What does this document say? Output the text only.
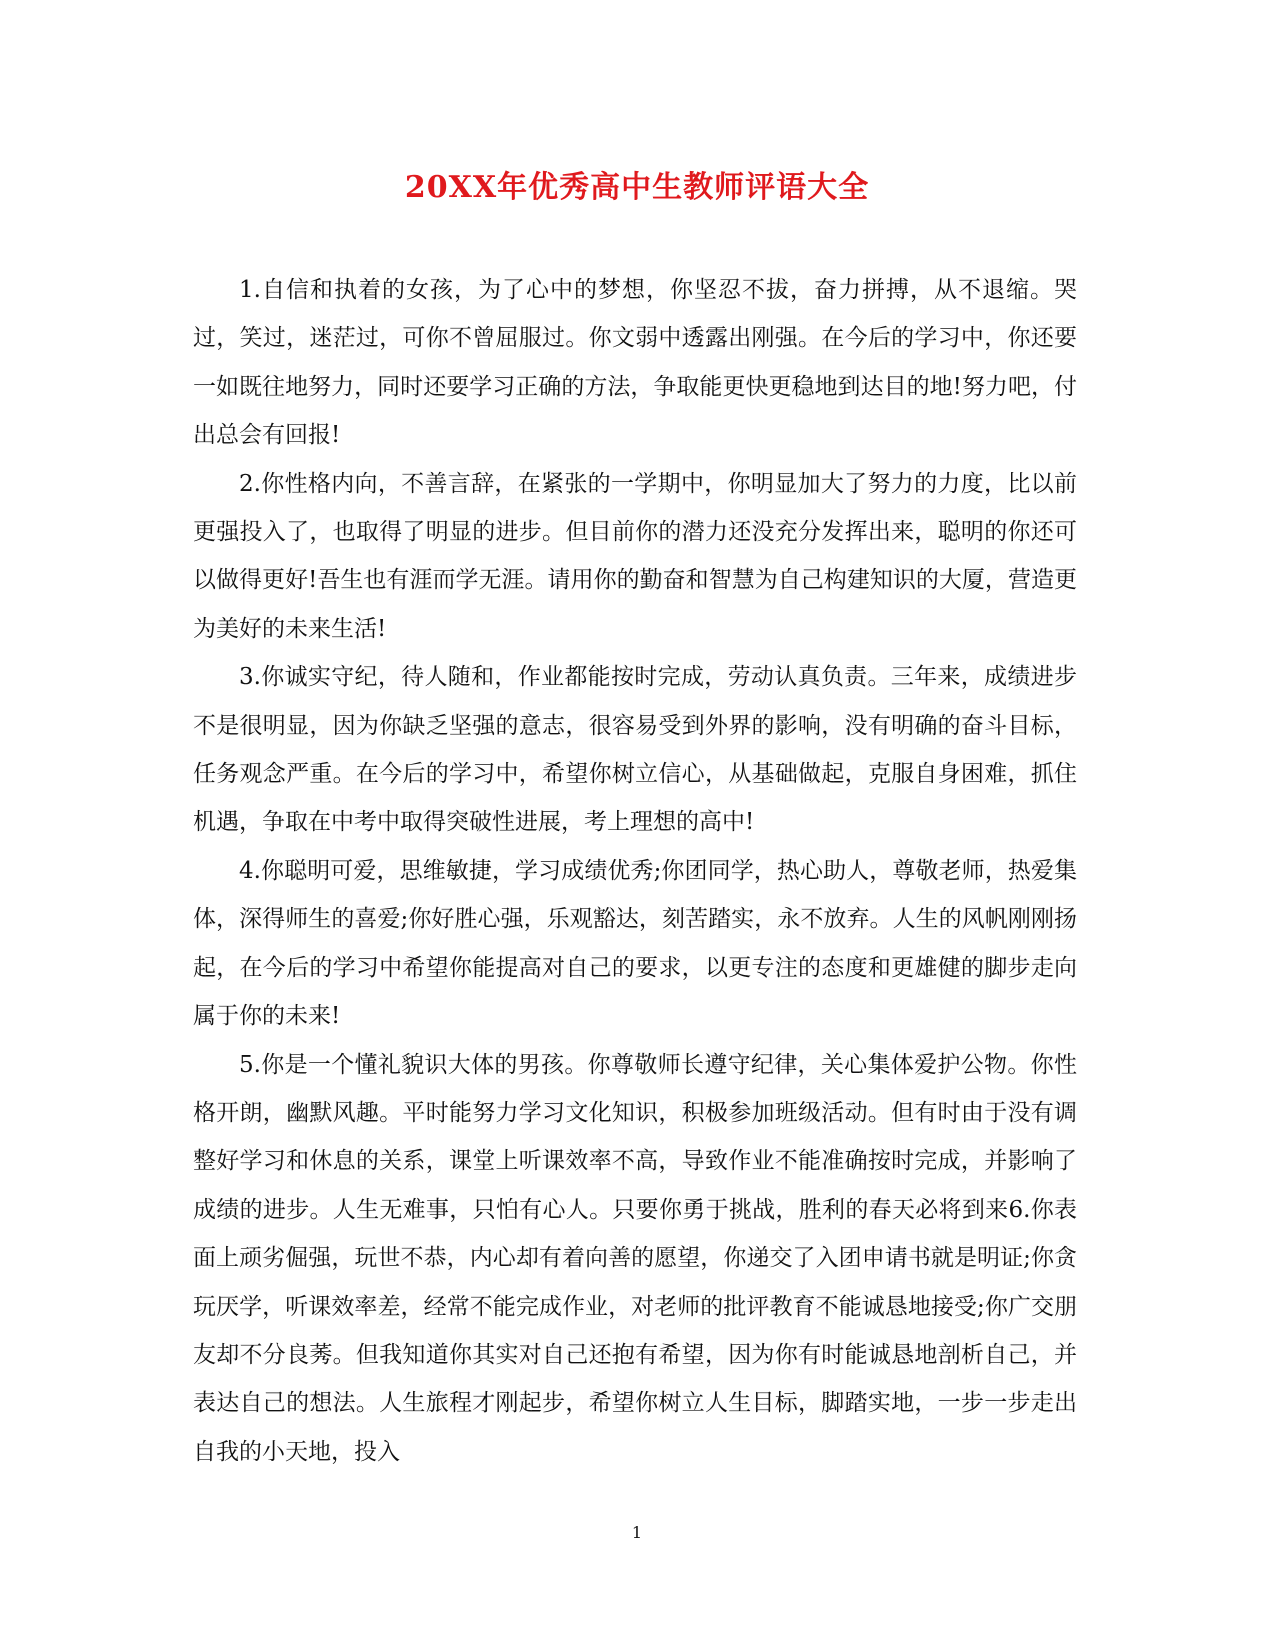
20XX年优秀高中生教师评语大全

1.自信和执着的女孩，为了心中的梦想，你坚忍不拔，奋力拼搏，从不退缩。哭过，笑过，迷茫过，可你不曾屈服过。你文弱中透露出刚强。在今后的学习中，你还要一如既往地努力，同时还要学习正确的方法，争取能更快更稳地到达目的地!努力吧，付出总会有回报!

2.你性格内向，不善言辞，在紧张的一学期中，你明显加大了努力的力度，比以前更强投入了，也取得了明显的进步。但目前你的潜力还没充分发挥出来，聪明的你还可以做得更好!吾生也有涯而学无涯。请用你的勤奋和智慧为自己构建知识的大厦，营造更为美好的未来生活!

3.你诚实守纪，待人随和，作业都能按时完成，劳动认真负责。三年来，成绩进步不是很明显，因为你缺乏坚强的意志，很容易受到外界的影响，没有明确的奋斗目标，任务观念严重。在今后的学习中，希望你树立信心，从基础做起，克服自身困难，抓住机遇，争取在中考中取得突破性进展，考上理想的高中!

4.你聪明可爱，思维敏捷，学习成绩优秀;你团同学，热心助人，尊敬老师，热爱集体，深得师生的喜爱;你好胜心强，乐观豁达，刻苦踏实，永不放弃。人生的风帆刚刚扬起，在今后的学习中希望你能提高对自己的要求，以更专注的态度和更雄健的脚步走向属于你的未来!

5.你是一个懂礼貌识大体的男孩。你尊敬师长遵守纪律，关心集体爱护公物。你性格开朗，幽默风趣。平时能努力学习文化知识，积极参加班级活动。但有时由于没有调整好学习和休息的关系，课堂上听课效率不高，导致作业不能准确按时完成，并影响了成绩的进步。人生无难事，只怕有心人。只要你勇于挑战，胜利的春天必将到来6.你表面上顽劣倔强，玩世不恭，内心却有着向善的愿望，你递交了入团申请书就是明证;你贪玩厌学，听课效率差，经常不能完成作业，对老师的批评教育不能诚恳地接受;你广交朋友却不分良莠。但我知道你其实对自己还抱有希望，因为你有时能诚恳地剖析自己，并表达自己的想法。人生旅程才刚起步，希望你树立人生目标，脚踏实地，一步一步走出自我的小天地，投入

1
